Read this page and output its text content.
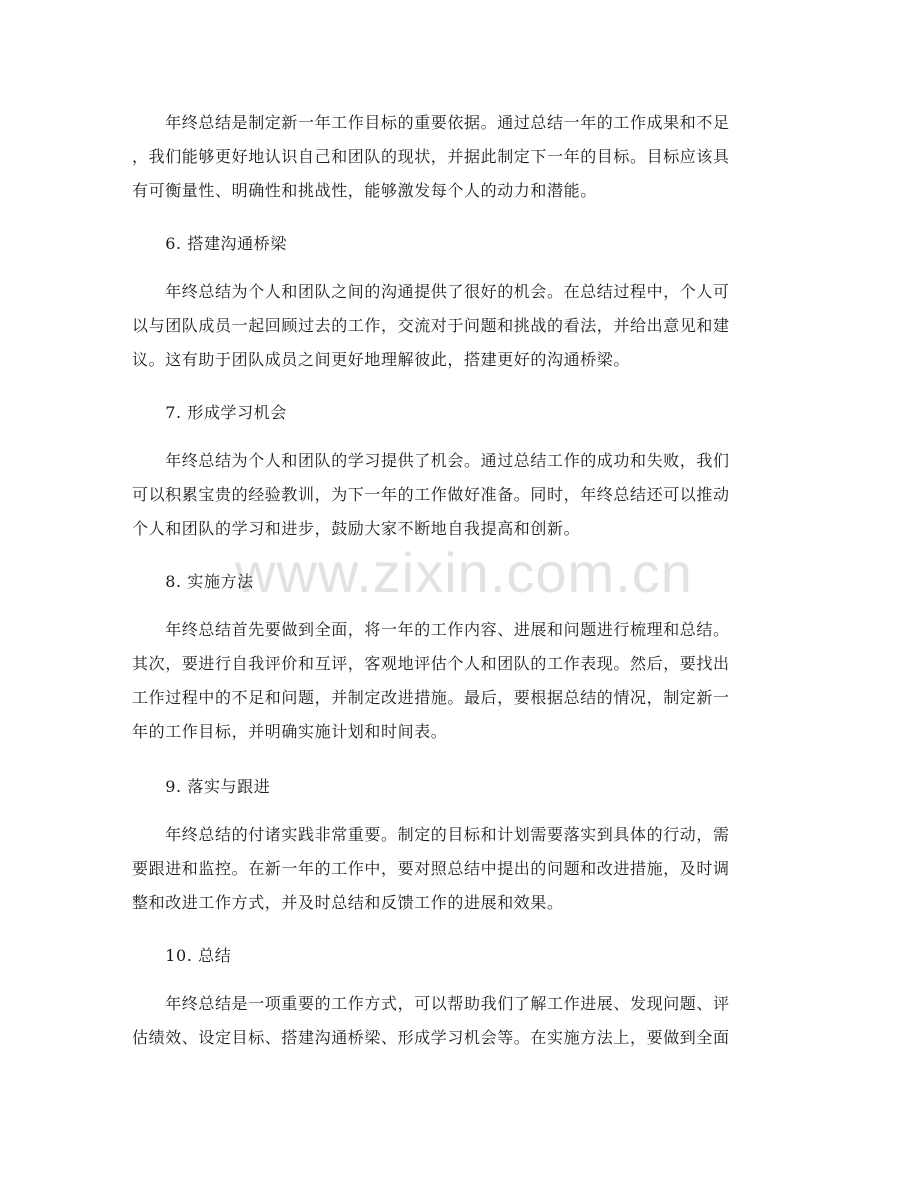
　　年终总结是制定新一年工作目标的重要依据。通过总结一年的工作成果和不足
，我们能够更好地认识自己和团队的现状，并据此制定下一年的目标。目标应该具
有可衡量性、明确性和挑战性，能够激发每个人的动力和潜能。
　　6. 搭建沟通桥梁
　　年终总结为个人和团队之间的沟通提供了很好的机会。在总结过程中，个人可
以与团队成员一起回顾过去的工作，交流对于问题和挑战的看法，并给出意见和建
议。这有助于团队成员之间更好地理解彼此，搭建更好的沟通桥梁。
　　7. 形成学习机会
　　年终总结为个人和团队的学习提供了机会。通过总结工作的成功和失败，我们
可以积累宝贵的经验教训，为下一年的工作做好准备。同时，年终总结还可以推动
个人和团队的学习和进步，鼓励大家不断地自我提高和创新。
　　8. 实施方法
　　年终总结首先要做到全面，将一年的工作内容、进展和问题进行梳理和总结。
其次，要进行自我评价和互评，客观地评估个人和团队的工作表现。然后，要找出
工作过程中的不足和问题，并制定改进措施。最后，要根据总结的情况，制定新一
年的工作目标，并明确实施计划和时间表。
　　9. 落实与跟进
　　年终总结的付诸实践非常重要。制定的目标和计划需要落实到具体的行动，需
要跟进和监控。在新一年的工作中，要对照总结中提出的问题和改进措施，及时调
整和改进工作方式，并及时总结和反馈工作的进展和效果。
　　10. 总结
　　年终总结是一项重要的工作方式，可以帮助我们了解工作进展、发现问题、评
估绩效、设定目标、搭建沟通桥梁、形成学习机会等。在实施方法上，要做到全面
www.zixin.com.cn
